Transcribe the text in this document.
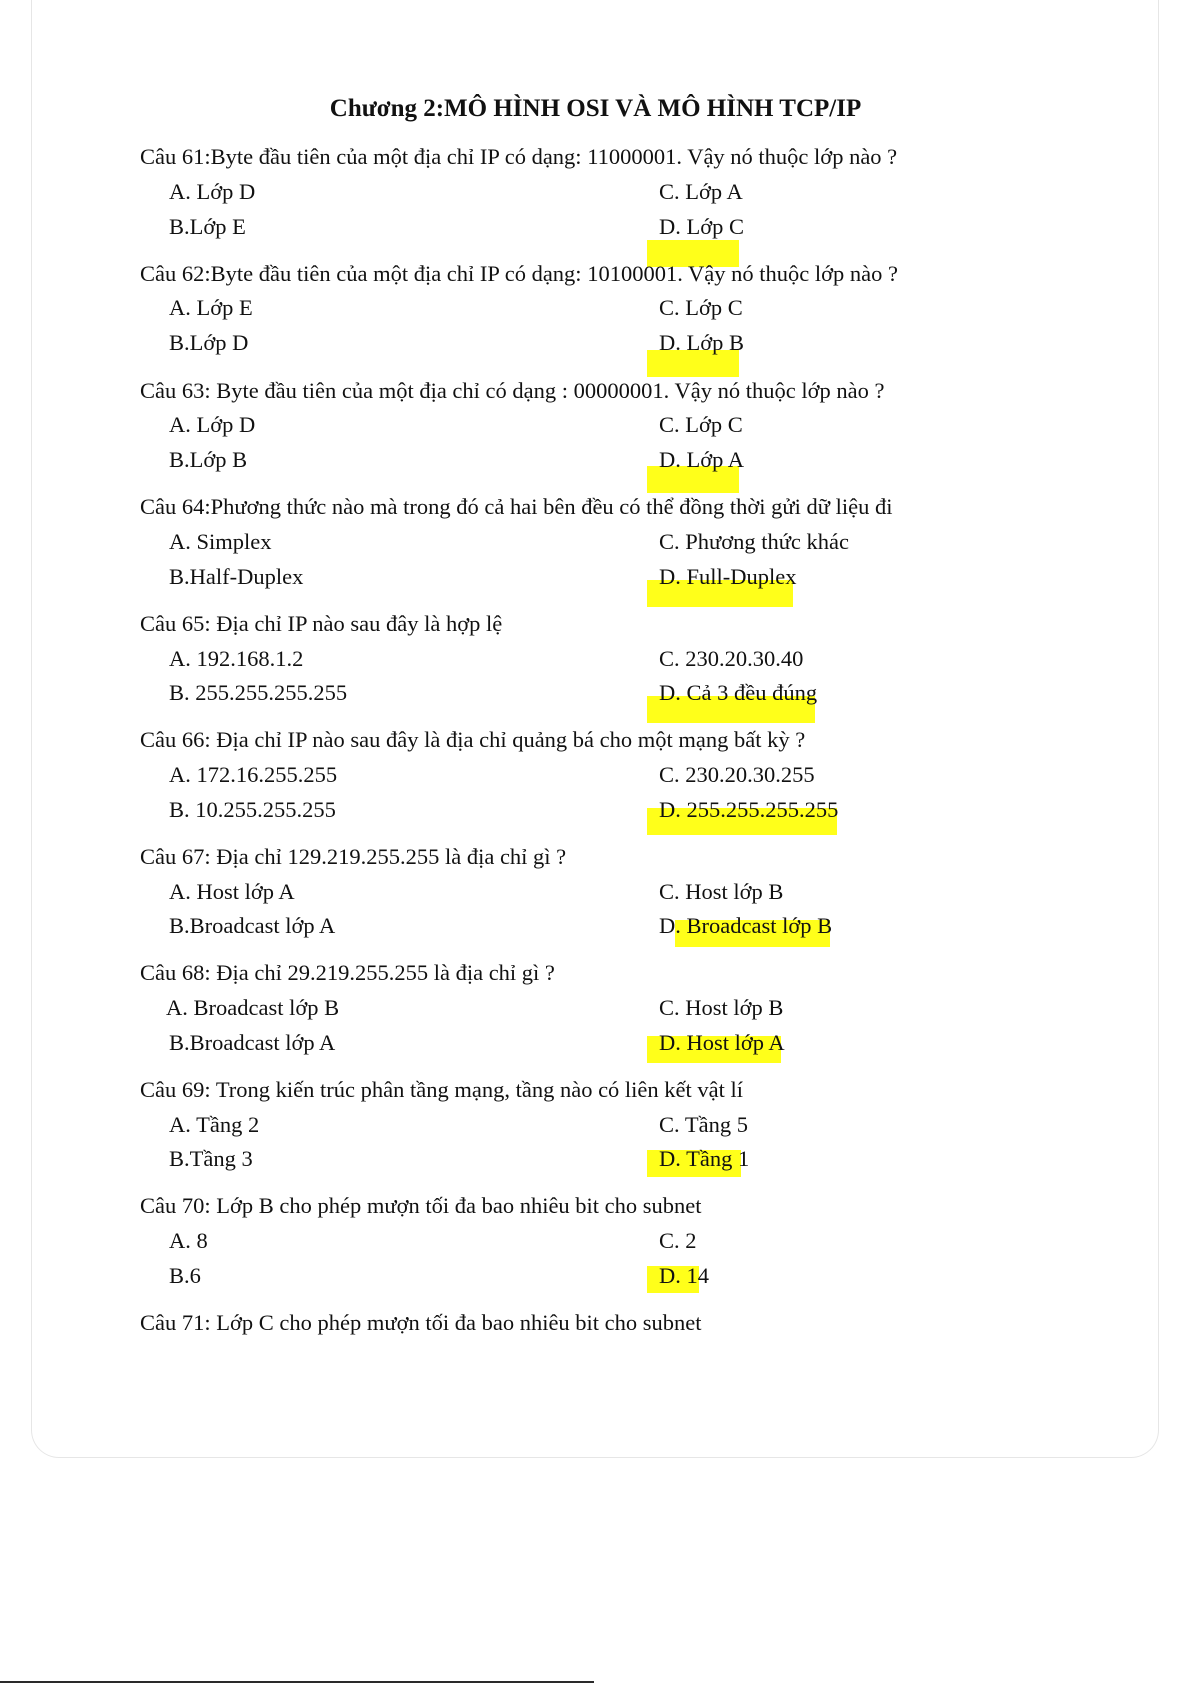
Chương 2:MÔ HÌNH OSI VÀ MÔ HÌNH TCP/IP
Câu 61:Byte đầu tiên của một địa chỉ IP có dạng: 11000001. Vậy nó thuộc lớp nào ?
A. Lớp D	C. Lớp A
B.Lớp E	D. Lớp C
Câu 62:Byte đầu tiên của một địa chỉ IP có dạng: 10100001. Vậy nó thuộc lớp nào ?
A. Lớp E	C. Lớp C
B.Lớp D	D. Lớp B
Câu 63: Byte đầu tiên của một địa chỉ có dạng : 00000001. Vậy nó thuộc lớp nào ?
A. Lớp D	C. Lớp C
B.Lớp B	D. Lớp A
Câu 64:Phương thức nào mà trong đó cả hai bên đều có thể đồng thời gửi dữ liệu đi
A. Simplex	C. Phương thức khác
B.Half-Duplex	D. Full-Duplex
Câu 65: Địa chỉ IP nào sau đây là hợp lệ
A. 192.168.1.2	C. 230.20.30.40
B. 255.255.255.255	D. Cả 3 đều đúng
Câu 66: Địa chỉ IP nào sau đây là địa chỉ quảng bá cho một mạng bất kỳ ?
A. 172.16.255.255	C. 230.20.30.255
B. 10.255.255.255	D. 255.255.255.255
Câu 67: Địa chỉ 129.219.255.255 là địa chỉ gì ?
A. Host lớp A	C. Host lớp B
B.Broadcast lớp A	D. Broadcast lớp B
Câu 68: Địa chỉ 29.219.255.255 là địa chỉ gì ?
A. Broadcast lớp B	C. Host lớp B
B.Broadcast lớp A	D. Host lớp A
Câu 69: Trong kiến trúc phân tầng mạng, tầng nào có liên kết vật lí
A. Tầng 2	C. Tầng 5
B.Tầng 3	D. Tầng 1
Câu 70: Lớp B cho phép mượn tối đa bao nhiêu bit cho subnet
A. 8	C. 2
B.6	D. 14
Câu 71: Lớp C cho phép mượn tối đa bao nhiêu bit cho subnet
